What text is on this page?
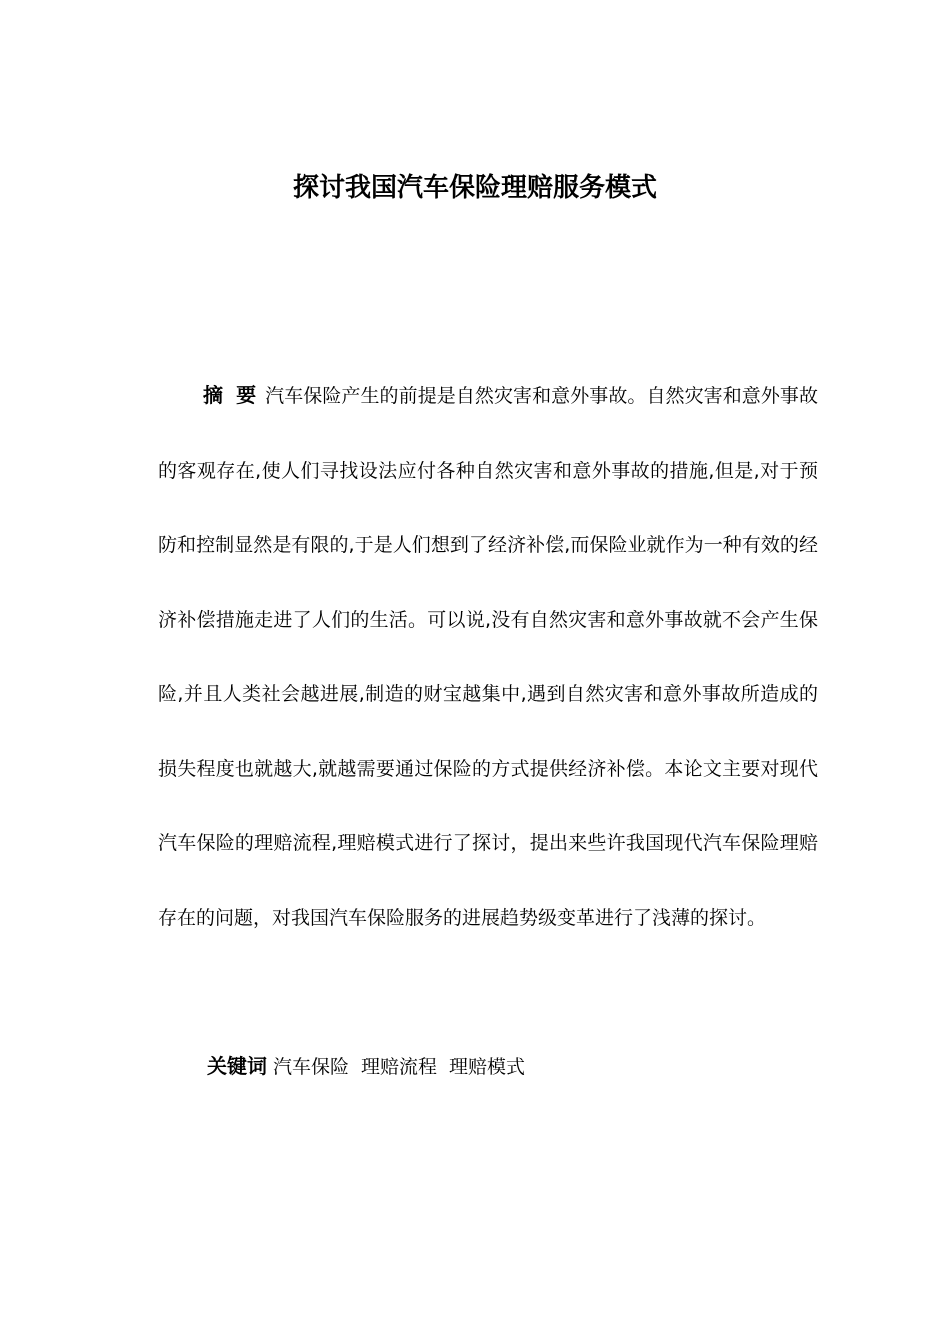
探讨我国汽车保险理赔服务模式
摘 要 汽车保险产生的前提是自然灾害和意外事故。自然灾害和意外事故的客观存在,使人们寻找设法应付各种自然灾害和意外事故的措施,但是,对于预防和控制显然是有限的,于是人们想到了经济补偿,而保险业就作为一种有效的经济补偿措施走进了人们的生活。可以说,没有自然灾害和意外事故就不会产生保险,并且人类社会越进展,制造的财宝越集中,遇到自然灾害和意外事故所造成的损失程度也就越大,就越需要通过保险的方式提供经济补偿。本论文主要对现代汽车保险的理赔流程,理赔模式进行了探讨，提出来些许我国现代汽车保险理赔存在的问题，对我国汽车保险服务的进展趋势级变革进行了浅薄的探讨。
关键词 汽车保险 理赔流程 理赔模式
